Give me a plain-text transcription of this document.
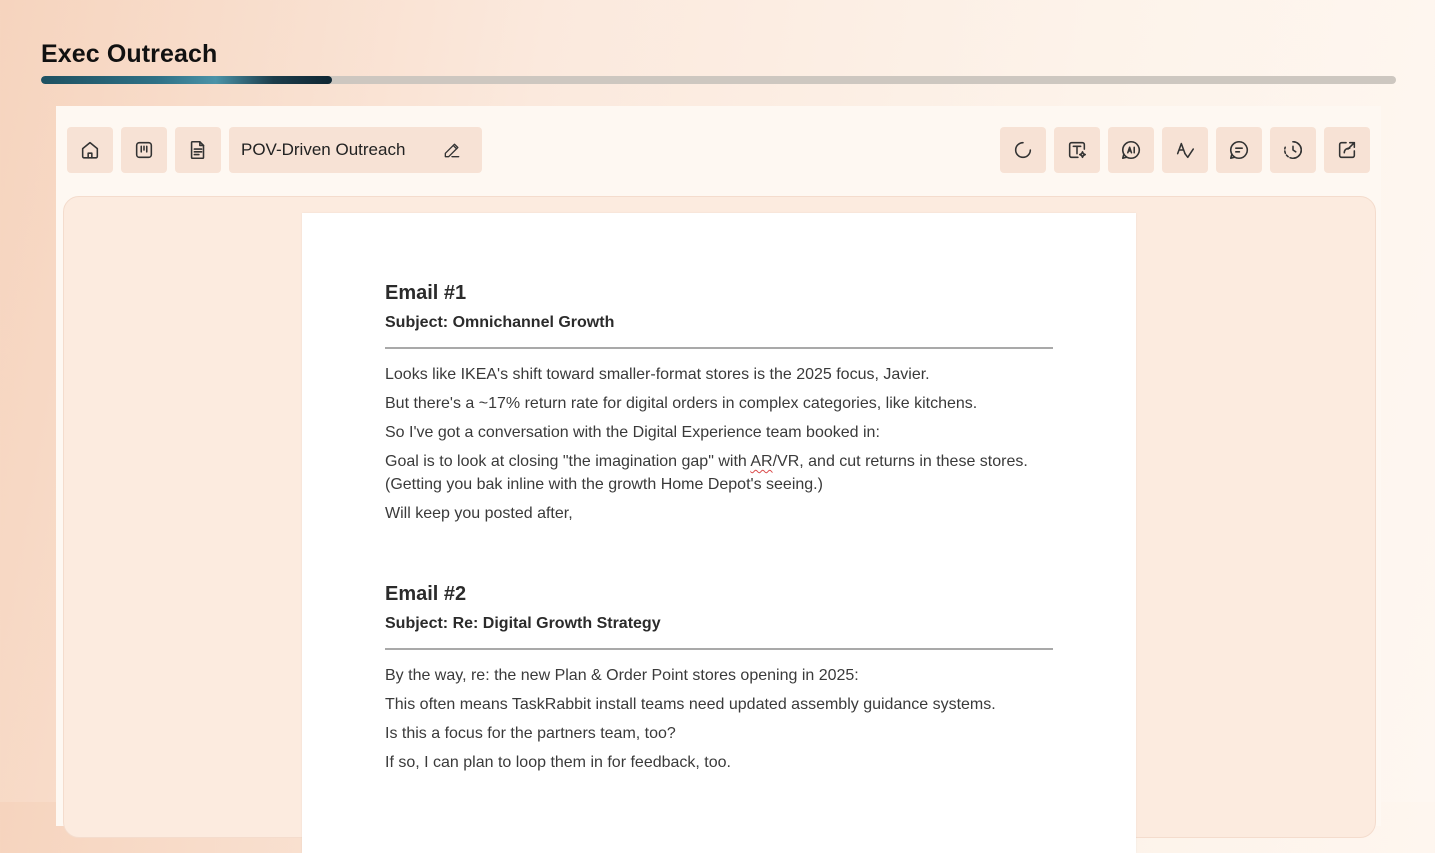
Exec Outreach
POV-Driven Outreach
Email #1
Subject: Omnichannel Growth
Looks like IKEA's shift toward smaller-format stores is the 2025 focus, Javier.
But there's a ~17% return rate for digital orders in complex categories, like kitchens.
So I've got a conversation with the Digital Experience team booked in:
Goal is to look at closing "the imagination gap" with AR/VR, and cut returns in these stores. (Getting you bak inline with the growth Home Depot's seeing.)
Will keep you posted after,
Email #2
Subject: Re: Digital Growth Strategy
By the way, re: the new Plan & Order Point stores opening in 2025:
This often means TaskRabbit install teams need updated assembly guidance systems.
Is this a focus for the partners team, too?
If so, I can plan to loop them in for feedback, too.
